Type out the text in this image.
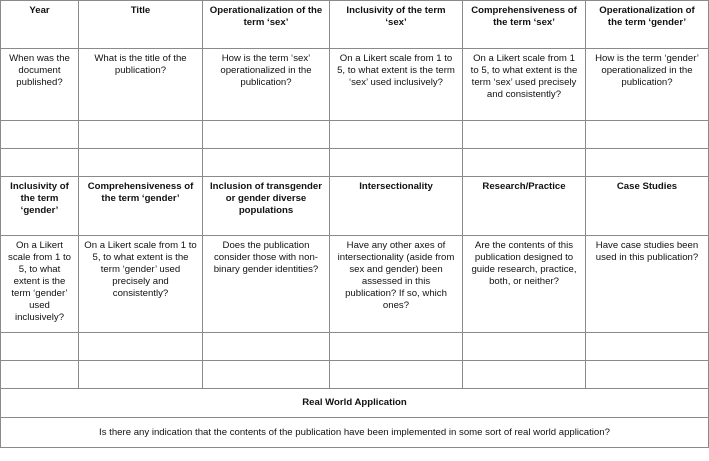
Year	Title	Operationalization of the term ‘sex’	Inclusivity of the term ‘sex’	Comprehensiveness of the term ‘sex’	Operationalization of the term ‘gender’
When was the document published?	What is the title of the publication?	How is the term ‘sex’ operationalized in the publication?	On a Likert scale from 1 to 5, to what extent is the term ‘sex’ used inclusively?	On a Likert scale from 1 to 5, to what extent is the term ‘sex’ used precisely and consistently?	How is the term ‘gender’ operationalized in the publication?

Inclusivity of the term ‘gender’	Comprehensiveness of the term ‘gender’	Inclusion of transgender or gender diverse populations	Intersectionality	Research/Practice	Case Studies
On a Likert scale from 1 to 5, to what extent is the term ‘gender’ used inclusively?	On a Likert scale from 1 to 5, to what extent is the term ‘gender’ used precisely and consistently?	Does the publication consider those with non-binary gender identities?	Have any other axes of intersectionality (aside from sex and gender) been assessed in this publication? If so, which ones?	Are the contents of this publication designed to guide research, practice, both, or neither?	Have case studies been used in this publication?

Real World Application					
Is there any indication that the contents of the publication have been implemented in some sort of real world application?					
